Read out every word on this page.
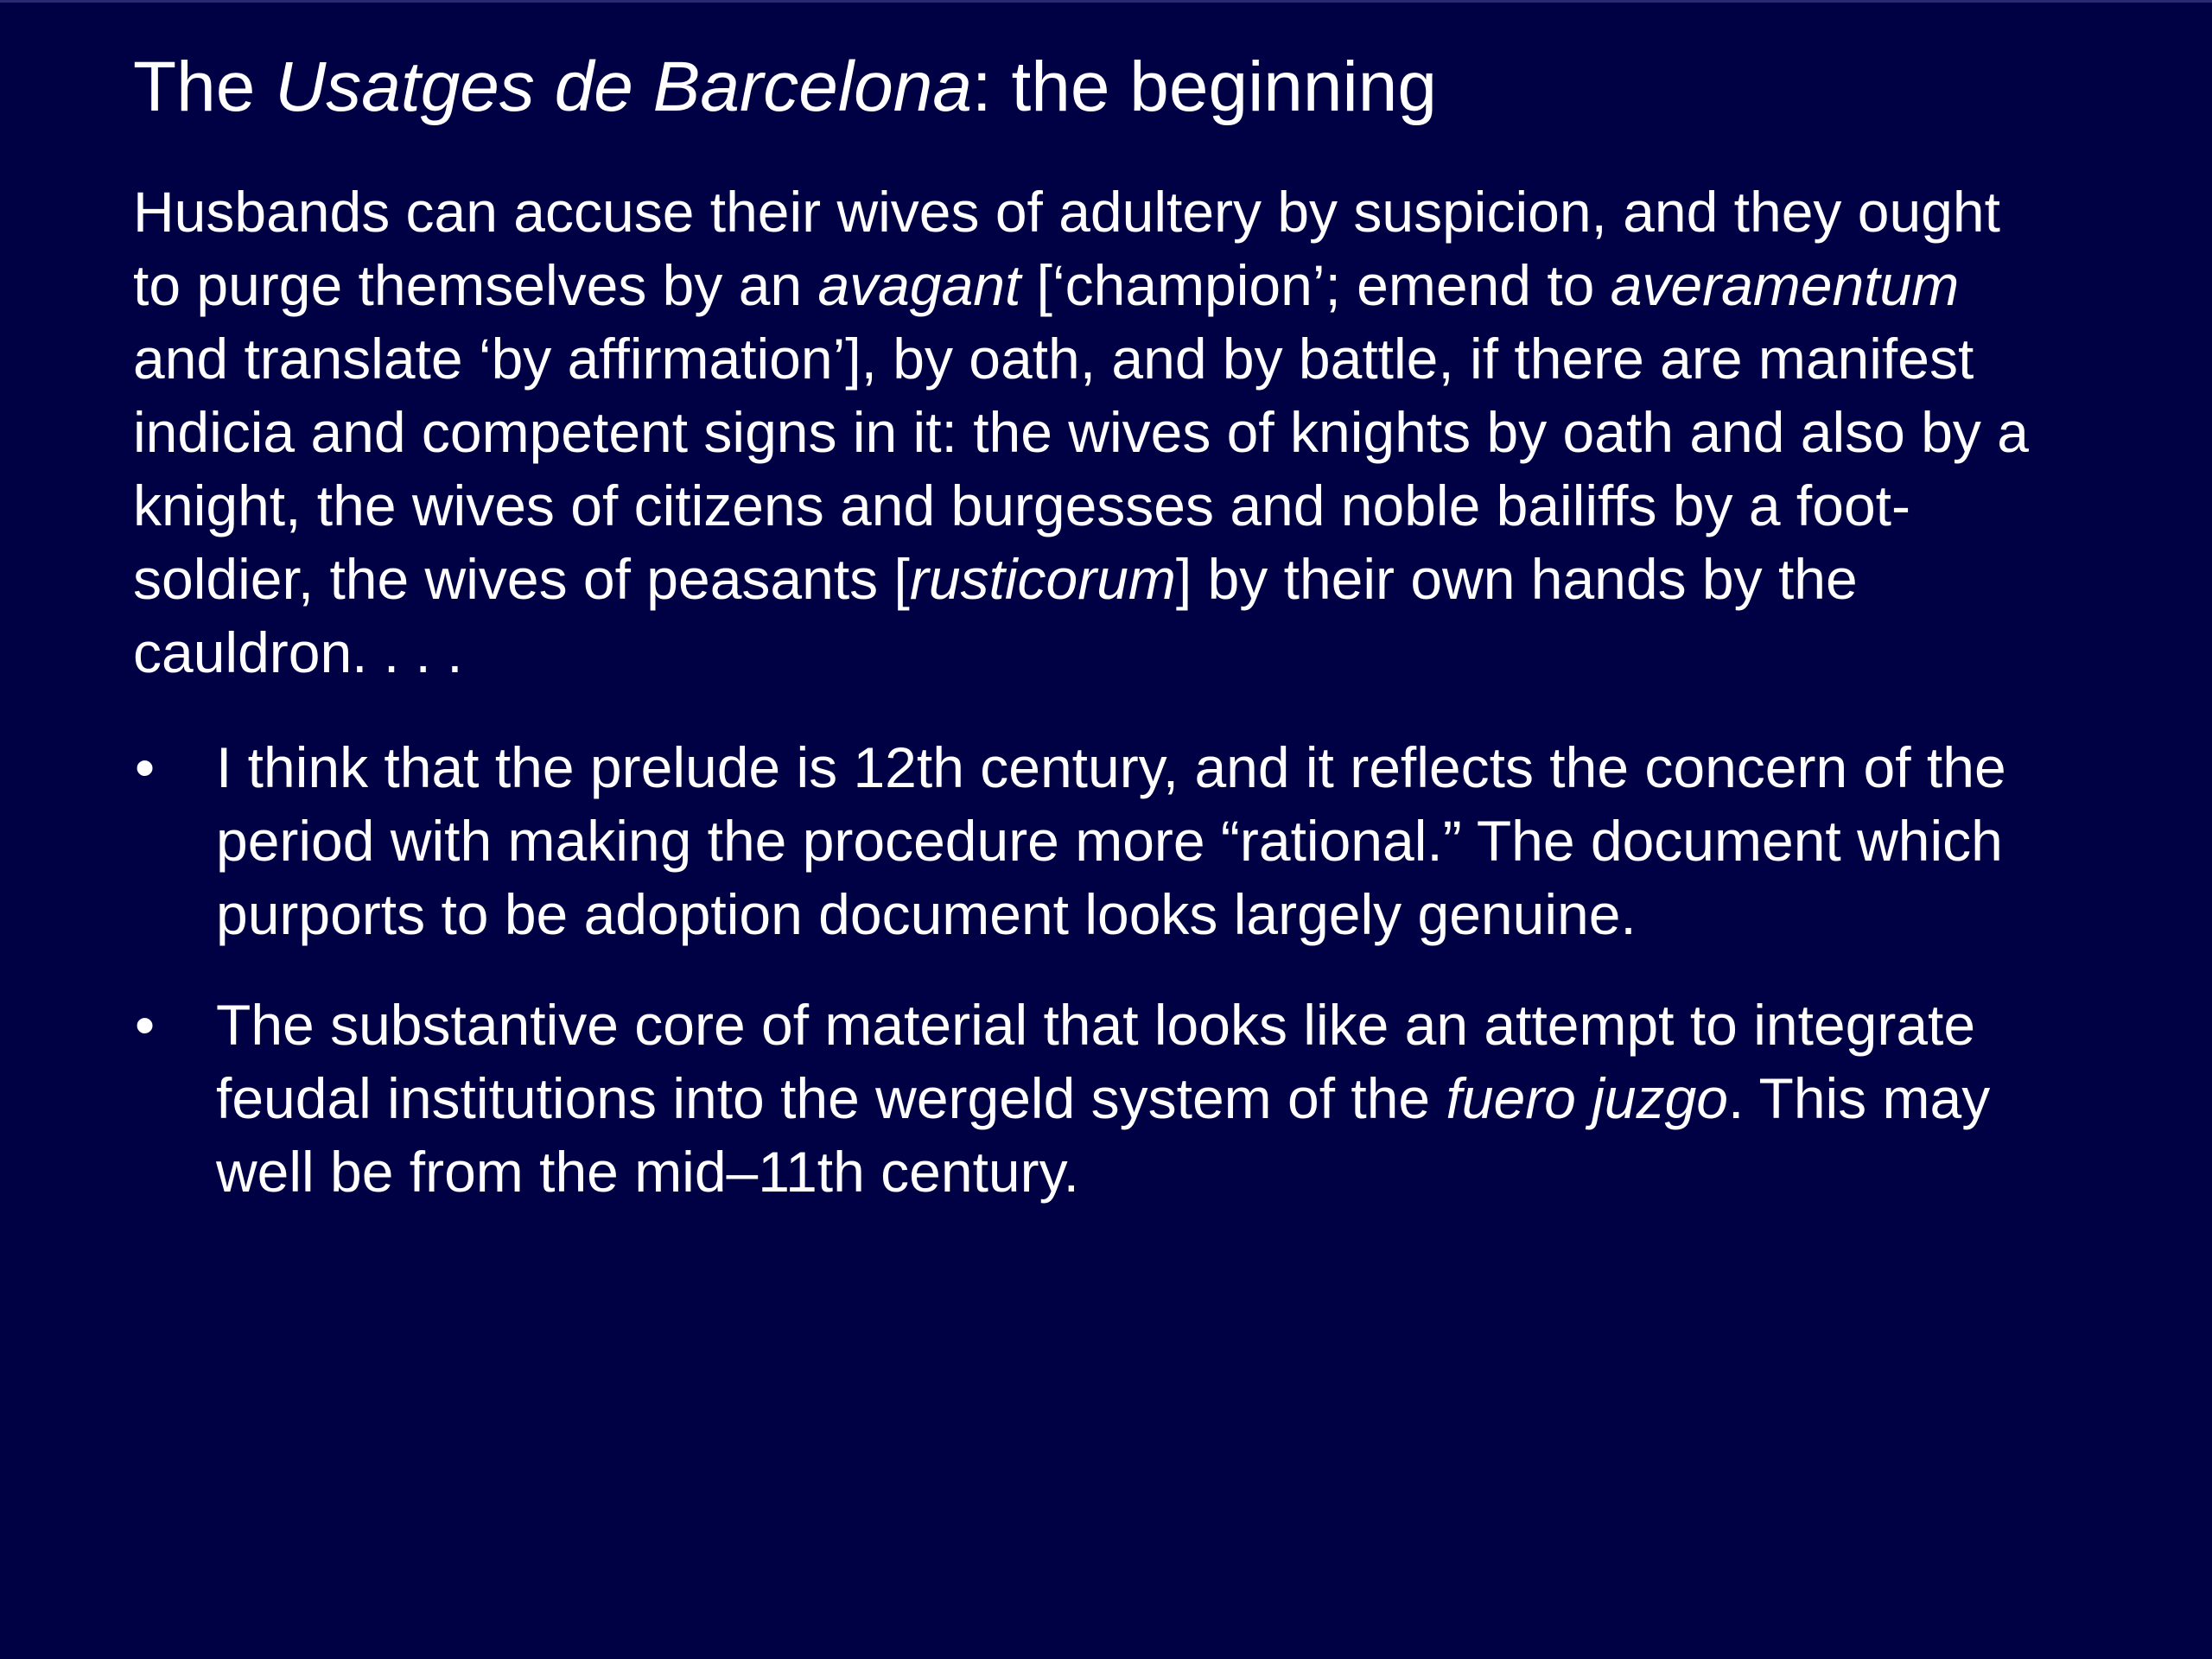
The Usatges de Barcelona: the beginning

Husbands can accuse their wives of adultery by suspicion, and they ought
to purge themselves by an avagant [‘champion’; emend to averamentum
and translate ‘by affirmation’], by oath, and by battle, if there are manifest
indicia and competent signs in it: the wives of knights by oath and also by a
knight, the wives of citizens and burgesses and noble bailiffs by a foot-
soldier, the wives of peasants [rusticorum] by their own hands by the
cauldron. . . .

• I think that the prelude is 12th century, and it reflects the concern of the
period with making the procedure more “rational.” The document which
purports to be adoption document looks largely genuine.
• The substantive core of material that looks like an attempt to integrate
feudal institutions into the wergeld system of the fuero juzgo. This may
well be from the mid–11th century.
